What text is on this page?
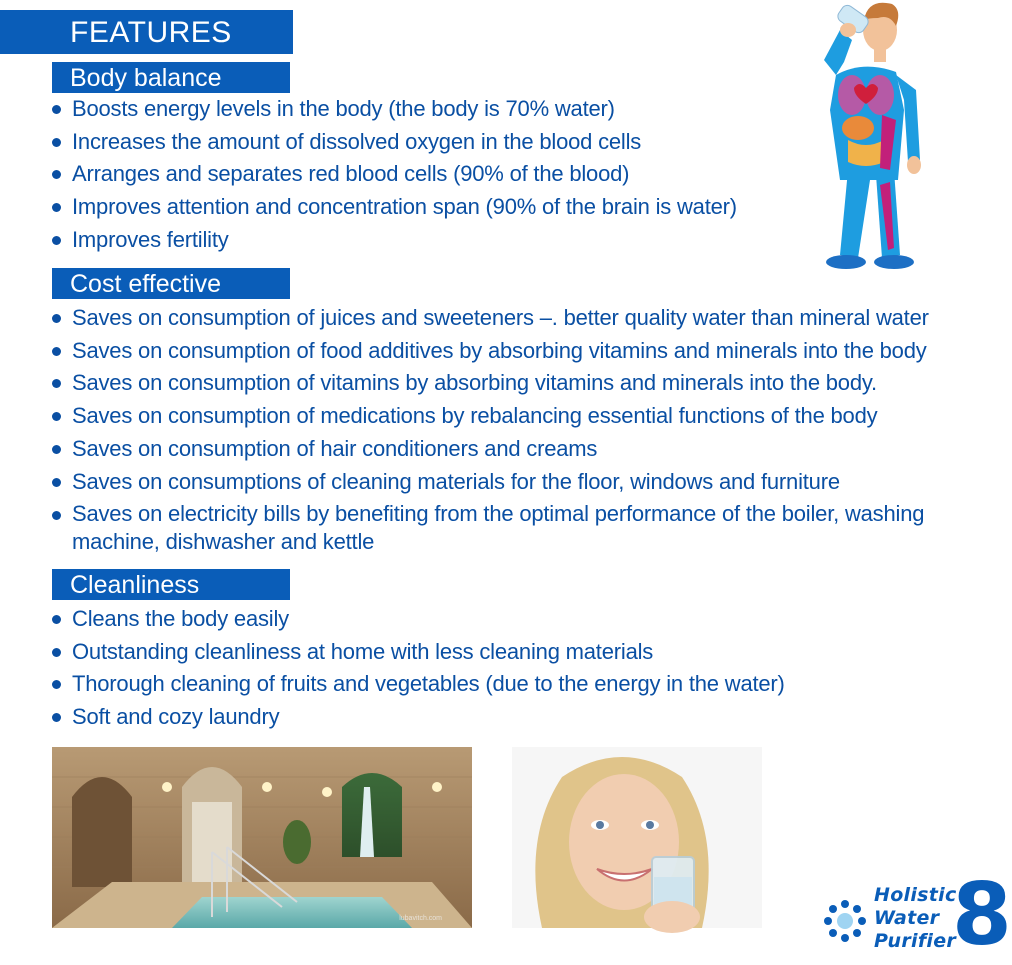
FEATURES
Body balance
Boosts energy levels in the body (the body is 70% water)
Increases the amount of dissolved oxygen in the blood cells
Arranges and separates red blood cells (90% of the blood)
Improves attention and concentration span (90% of the brain is water)
Improves fertility
Cost effective
Saves on consumption of juices and sweeteners –. better quality water than mineral water
Saves on consumption of food additives by absorbing vitamins and minerals into the body
Saves on consumption of vitamins by absorbing vitamins and minerals into the body.
Saves on consumption of medications by rebalancing essential functions of the body
Saves on consumption of hair conditioners and creams
Saves on consumptions of cleaning materials for the floor, windows and furniture
Saves on electricity bills by benefiting from the optimal performance of the boiler, washing machine, dishwasher and kettle
Cleanliness
Cleans the body easily
Outstanding cleanliness at home with less cleaning materials
Thorough cleaning of fruits and vegetables (due to the energy in the water)
Soft and cozy laundry
lubavitch.com
Holistic
Water
Purifier
8
